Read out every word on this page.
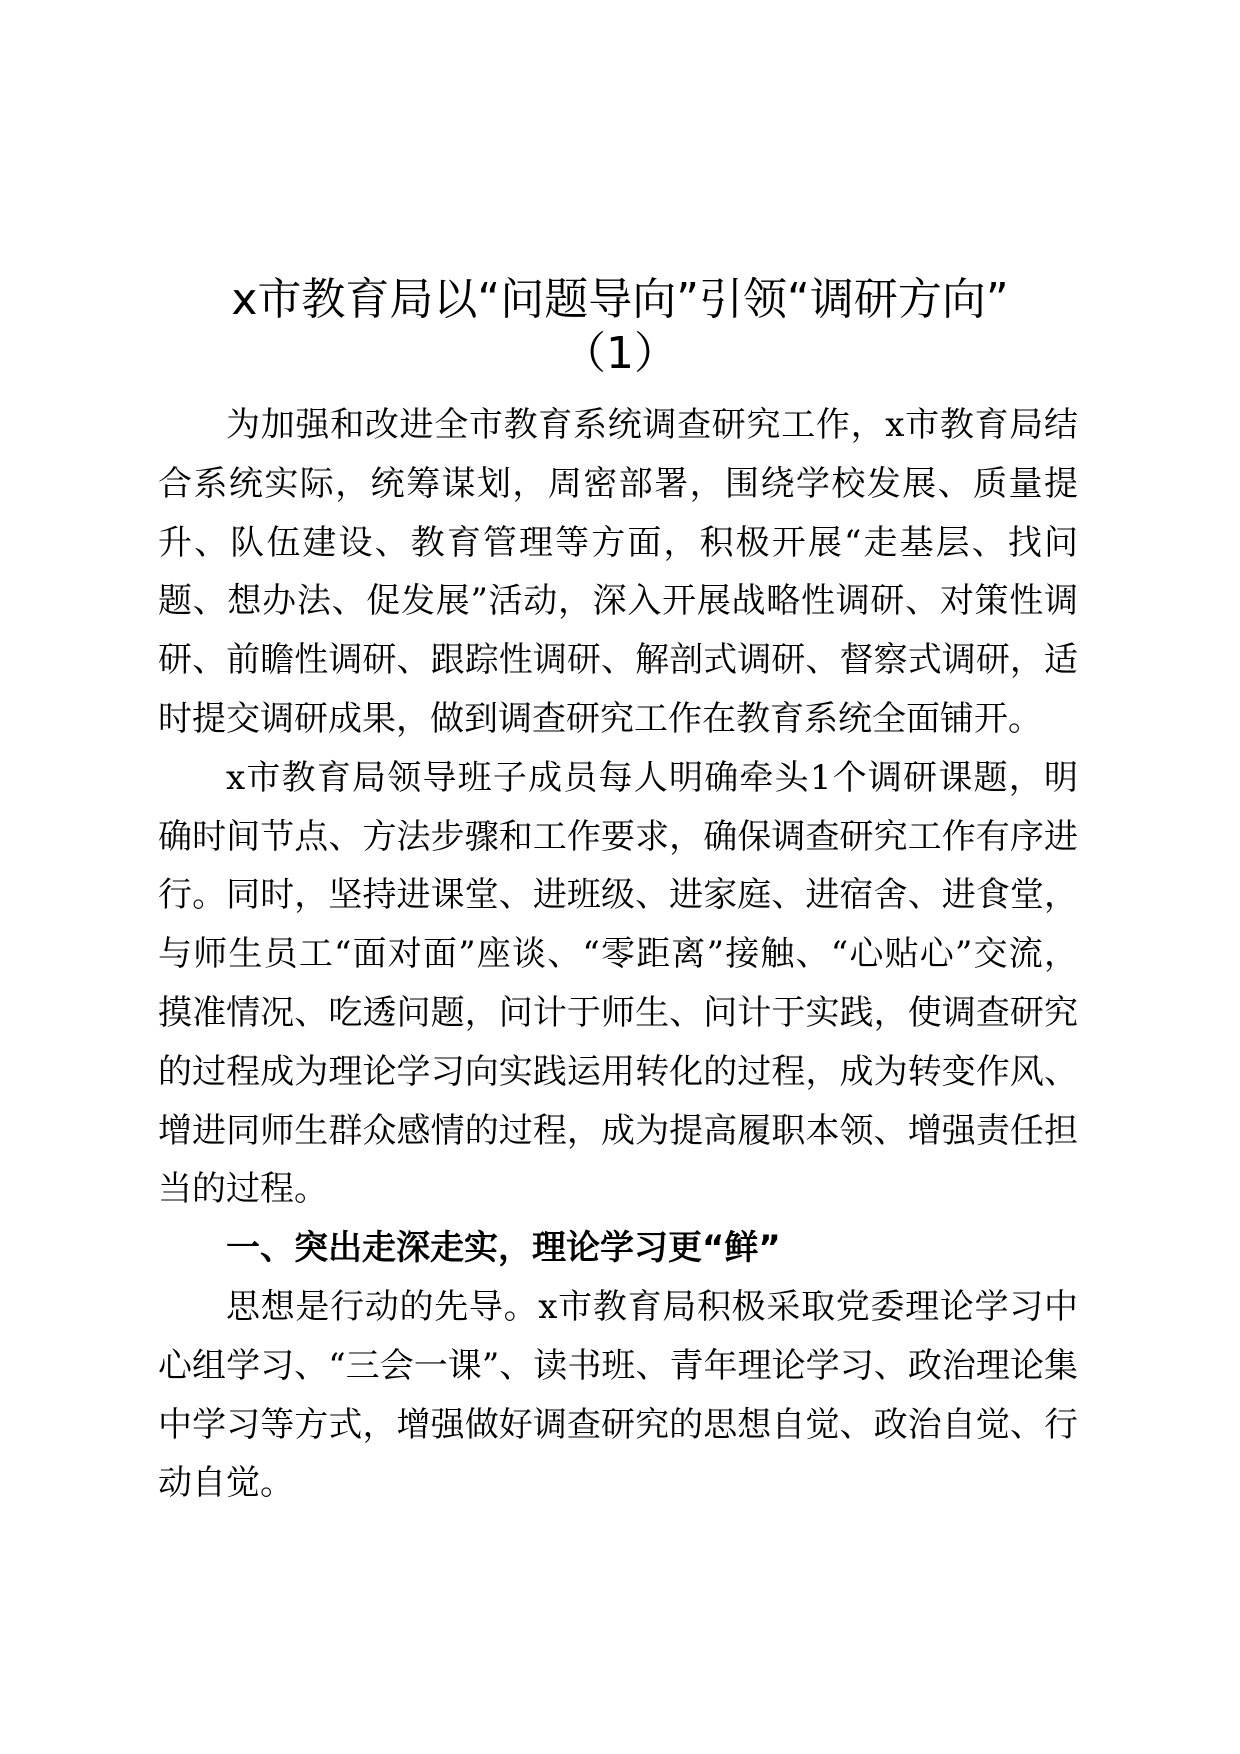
x市教育局以“问题导向”引领“调研方向”
（1）

为加强和改进全市教育系统调查研究工作，x市教育局结合系统实际，统筹谋划，周密部署，围绕学校发展、质量提升、队伍建设、教育管理等方面，积极开展“走基层、找问题、想办法、促发展”活动，深入开展战略性调研、对策性调研、前瞻性调研、跟踪性调研、解剖式调研、督察式调研，适时提交调研成果，做到调查研究工作在教育系统全面铺开。

x市教育局领导班子成员每人明确牵头1个调研课题，明确时间节点、方法步骤和工作要求，确保调查研究工作有序进行。同时，坚持进课堂、进班级、进家庭、进宿舍、进食堂，与师生员工“面对面”座谈、“零距离”接触、“心贴心”交流，摸准情况、吃透问题，问计于师生、问计于实践，使调查研究的过程成为理论学习向实践运用转化的过程，成为转变作风、增进同师生群众感情的过程，成为提高履职本领、增强责任担当的过程。

一、突出走深走实，理论学习更“鲜”

思想是行动的先导。x市教育局积极采取党委理论学习中心组学习、“三会一课”、读书班、青年理论学习、政治理论集中学习等方式，增强做好调查研究的思想自觉、政治自觉、行动自觉。
